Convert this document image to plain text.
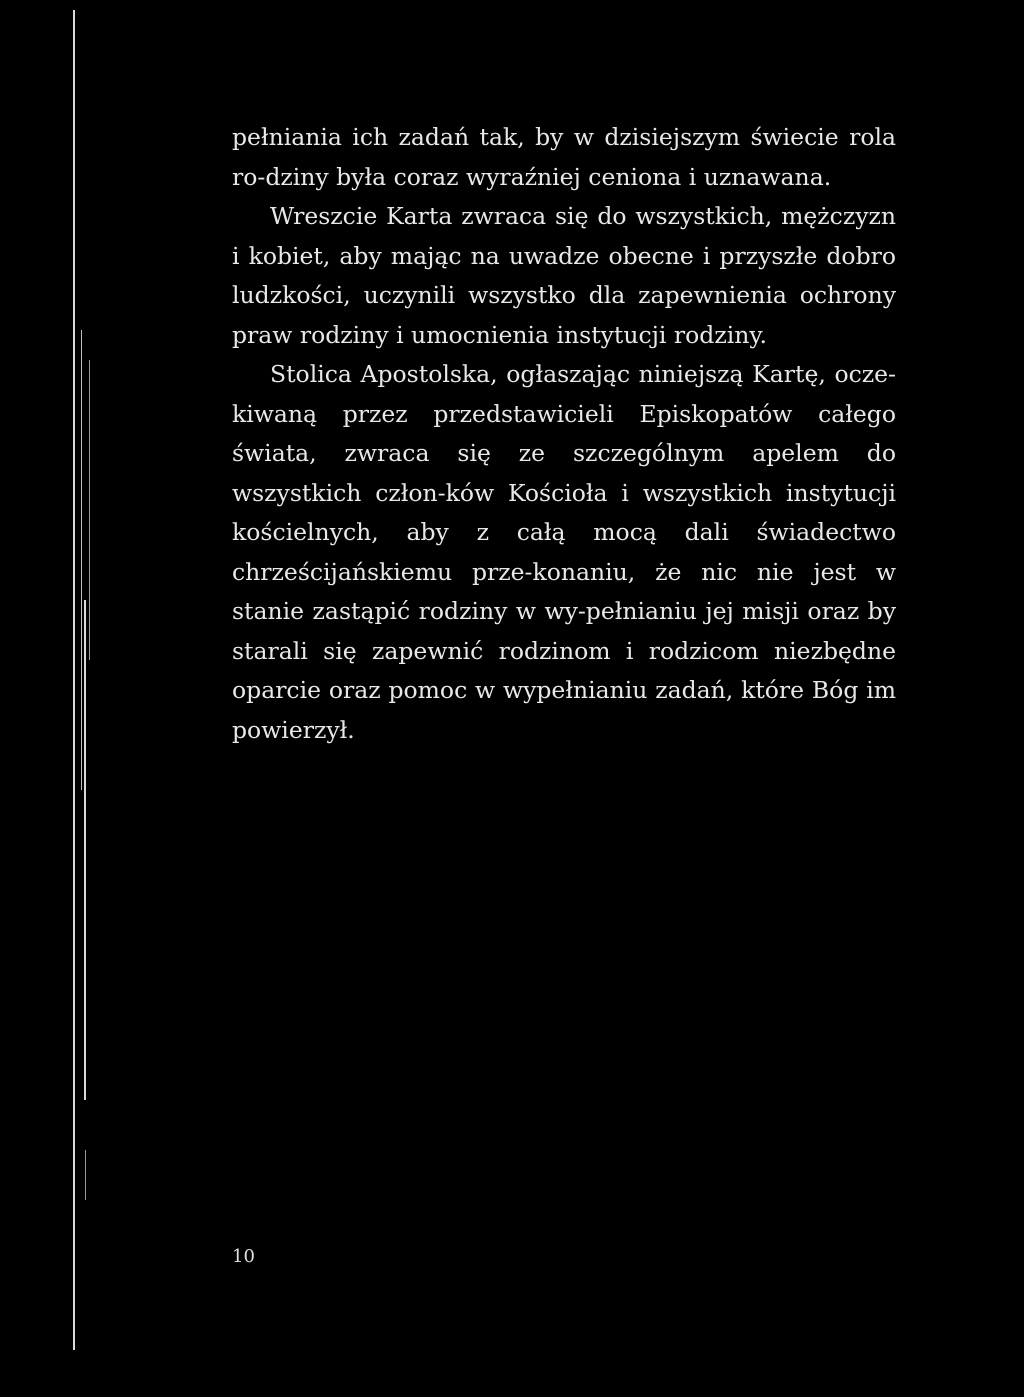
pełniania ich zadań tak, by w dzisiejszym świecie rola ro-dziny była coraz wyraźniej ceniona i uznawana.

Wreszcie Karta zwraca się do wszystkich, mężczyzn i kobiet, aby mając na uwadze obecne i przyszłe dobro ludzkości, uczynili wszystko dla zapewnienia ochrony praw rodziny i umocnienia instytucji rodziny.

Stolica Apostolska, ogłaszając niniejszą Kartę, ocze-kiwaną przez przedstawicieli Episkopatów całego świata, zwraca się ze szczególnym apelem do wszystkich człon-ków Kościoła i wszystkich instytucji kościelnych, aby z całą mocą dali świadectwo chrześcijańskiemu prze-konaniu, że nic nie jest w stanie zastąpić rodziny w wy-pełnianiu jej misji oraz by starali się zapewnić rodzinom i rodzicom niezbędne oparcie oraz pomoc w wypełnianiu zadań, które Bóg im powierzył.

10
